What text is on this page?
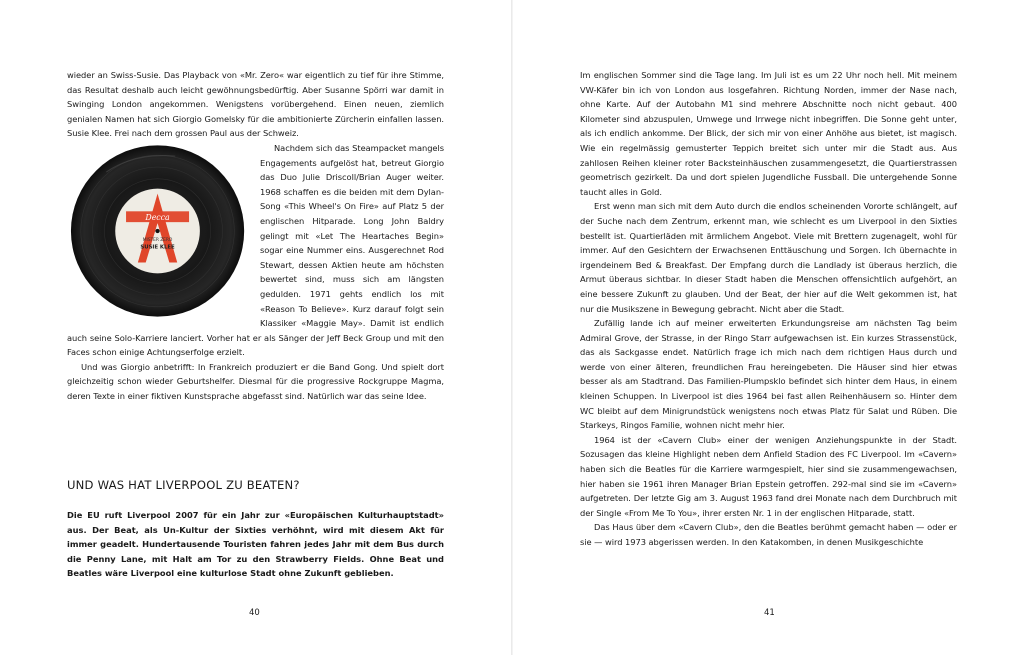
wieder an Swiss-Susie. Das Playback von «Mr. Zero« war eigentlich zu tief für ihre Stimme, das Resultat deshalb auch leicht gewöhnungsbedürftig. Aber Susanne Spörri war damit in Swinging London angekommen. Wenigstens vorübergehend. Einen neuen, ziemlich genialen Namen hat sich Giorgio Gomelsky für die ambitionierte Zürcherin einfallen lassen. Susie Klee. Frei nach dem grossen Paul aus der Schweiz.

Decca
MISTER ZERO
SUSIE KLEE

Nachdem sich das Steampacket mangels Engagements aufgelöst hat, betreut Giorgio das Duo Julie Driscoll/Brian Auger weiter. 1968 schaffen es die beiden mit dem Dylan-Song «This Wheel's On Fire» auf Platz 5 der englischen Hitparade. Long John Baldry gelingt mit «Let The Heartaches Begin» sogar eine Nummer eins. Ausgerechnet Rod Stewart, dessen Aktien heute am höchsten bewertet sind, muss sich am längsten gedulden. 1971 gehts endlich los mit «Reason To Believe». Kurz darauf folgt sein Klassiker «Maggie May». Damit ist endlich auch seine Solo-Karriere lanciert. Vorher hat er als Sänger der Jeff Beck Group und mit den Faces schon einige Achtungserfolge erzielt.

Und was Giorgio anbetrifft: In Frankreich produziert er die Band Gong. Und spielt dort gleichzeitig schon wieder Geburtshelfer. Diesmal für die progressive Rockgruppe Magma, deren Texte in einer fiktiven Kunstsprache abgefasst sind. Natürlich war das seine Idee.

UND WAS HAT LIVERPOOL ZU BEATEN?

Die EU ruft Liverpool 2007 für ein Jahr zur «Europäischen Kulturhauptstadt» aus. Der Beat, als Un-Kultur der Sixties verhöhnt, wird mit diesem Akt für immer geadelt. Hundertausende Touristen fahren jedes Jahr mit dem Bus durch die Penny Lane, mit Halt am Tor zu den Strawberry Fields. Ohne Beat und Beatles wäre Liverpool eine kulturlose Stadt ohne Zukunft geblieben.

40

Im englischen Sommer sind die Tage lang. Im Juli ist es um 22 Uhr noch hell. Mit meinem VW-Käfer bin ich von London aus losgefahren. Richtung Norden, immer der Nase nach, ohne Karte. Auf der Autobahn M1 sind mehrere Abschnitte noch nicht gebaut. 400 Kilometer sind abzuspulen, Umwege und Irrwege nicht inbegriffen. Die Sonne geht unter, als ich endlich ankomme. Der Blick, der sich mir von einer Anhöhe aus bietet, ist magisch. Wie ein regelmässig gemusterter Teppich breitet sich unter mir die Stadt aus. Aus zahllosen Reihen kleiner roter Backsteinhäuschen zusammengesetzt, die Quartierstrassen geometrisch gezirkelt. Da und dort spielen Jugendliche Fussball. Die untergehende Sonne taucht alles in Gold.

Erst wenn man sich mit dem Auto durch die endlos scheinenden Vororte schlängelt, auf der Suche nach dem Zentrum, erkennt man, wie schlecht es um Liverpool in den Sixties bestellt ist. Quartierläden mit ärmlichem Angebot. Viele mit Brettern zugenagelt, wohl für immer. Auf den Gesichtern der Erwachsenen Enttäuschung und Sorgen. Ich übernachte in irgendeinem Bed & Breakfast. Der Empfang durch die Landlady ist überaus herzlich, die Armut überaus sichtbar. In dieser Stadt haben die Menschen offensichtlich aufgehört, an eine bessere Zukunft zu glauben. Und der Beat, der hier auf die Welt gekommen ist, hat nur die Musikszene in Bewegung gebracht. Nicht aber die Stadt.

Zufällig lande ich auf meiner erweiterten Erkundungsreise am nächsten Tag beim Admiral Grove, der Strasse, in der Ringo Starr aufgewachsen ist. Ein kurzes Strassenstück, das als Sackgasse endet. Natürlich frage ich mich nach dem richtigen Haus durch und werde von einer älteren, freundlichen Frau hereingebeten. Die Häuser sind hier etwas besser als am Stadtrand. Das Familien-Plumpsklo befindet sich hinter dem Haus, in einem kleinen Schuppen. In Liverpool ist dies 1964 bei fast allen Reihenhäusern so. Hinter dem WC bleibt auf dem Minigrundstück wenigstens noch etwas Platz für Salat und Rüben. Die Starkeys, Ringos Familie, wohnen nicht mehr hier.

1964 ist der «Cavern Club» einer der wenigen Anziehungspunkte in der Stadt. Sozusagen das kleine Highlight neben dem Anfield Stadion des FC Liverpool. Im «Cavern» haben sich die Beatles für die Karriere warmgespielt, hier sind sie zusammengewachsen, hier haben sie 1961 ihren Manager Brian Epstein getroffen. 292-mal sind sie im «Cavern» aufgetreten. Der letzte Gig am 3. August 1963 fand drei Monate nach dem Durchbruch mit der Single «From Me To You», ihrer ersten Nr. 1 in der englischen Hitparade, statt.

Das Haus über dem «Cavern Club», den die Beatles berühmt gemacht haben — oder er sie — wird 1973 abgerissen werden. In den Katakomben, in denen Musikgeschichte

41
